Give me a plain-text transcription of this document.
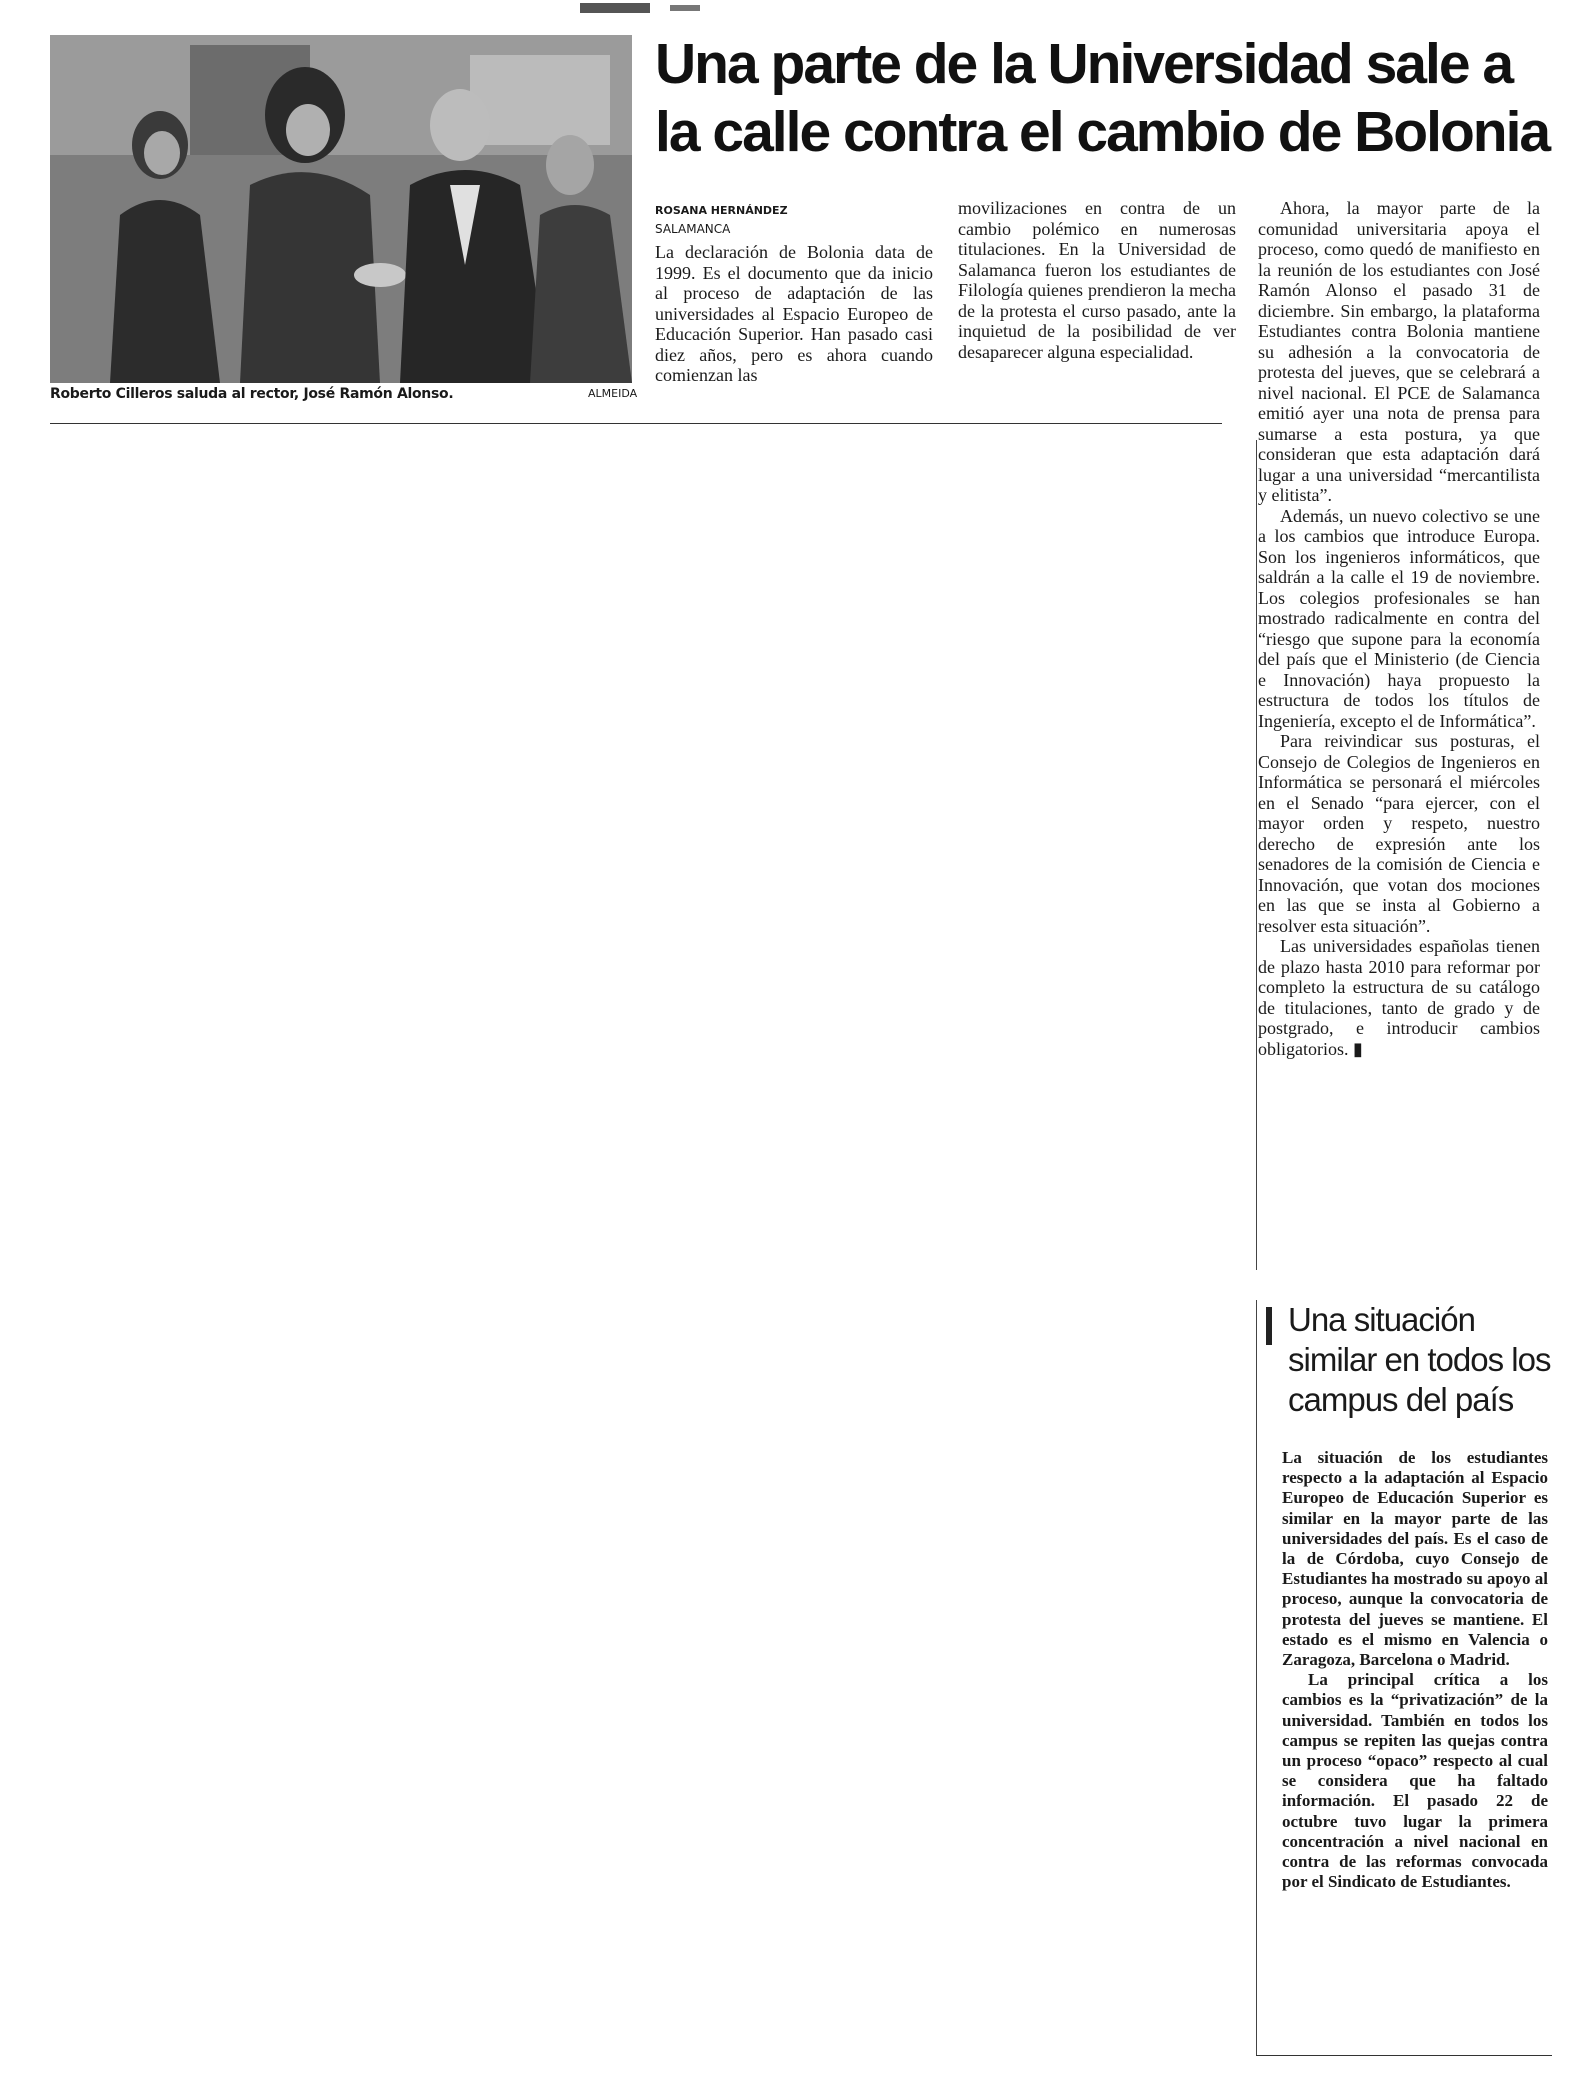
Roberto Cilleros saluda al rector, José Ramón Alonso.	ALMEIDA
Una parte de la Universidad sale a la calle contra el cambio de Bolonia
ROSANA HERNÁNDEZ
SALAMANCA

La declaración de Bolonia data de 1999. Es el documento que da inicio al proceso de adaptación de las universidades al Espacio Europeo de Educación Superior. Han pasado casi diez años, pero es ahora cuando comienzan las

movilizaciones en contra de un cambio polémico en numerosas titulaciones. En la Universidad de Salamanca fueron los estudiantes de Filología quienes prendieron la mecha de la protesta el curso pasado, ante la inquietud de la posibilidad de ver desaparecer alguna especialidad.

Ahora, la mayor parte de la comunidad universitaria apoya el proceso, como quedó de manifiesto en la reunión de los estudiantes con José Ramón Alonso el pasado 31 de diciembre. Sin embargo, la plataforma Estudiantes contra Bolonia mantiene su adhesión a la convocatoria de protesta del jueves, que se celebrará a nivel nacional. El PCE de Salamanca emitió ayer una nota de prensa para sumarse a esta postura, ya que consideran que esta adaptación dará lugar a una universidad “mercantilista y elitista”.

Además, un nuevo colectivo se une a los cambios que introduce Europa. Son los ingenieros informáticos, que saldrán a la calle el 19 de noviembre. Los colegios profesionales se han mostrado radicalmente en contra del “riesgo que supone para la economía del país que el Ministerio (de Ciencia e Innovación) haya propuesto la estructura de todos los títulos de Ingeniería, excepto el de Informática”.

Para reivindicar sus posturas, el Consejo de Colegios de Ingenieros en Informática se personará el miércoles en el Senado “para ejercer, con el mayor orden y respeto, nuestro derecho de expresión ante los senadores de la comisión de Ciencia e Innovación, que votan dos mociones en las que se insta al Gobierno a resolver esta situación”.

Las universidades españolas tienen de plazo hasta 2010 para reformar por completo la estructura de su catálogo de titulaciones, tanto de grado y de postgrado, e introducir cambios obligatorios. ▮

Una situación similar en todos los campus del país

La situación de los estudiantes respecto a la adaptación al Espacio Europeo de Educación Superior es similar en la mayor parte de las universidades del país. Es el caso de la de Córdoba, cuyo Consejo de Estudiantes ha mostrado su apoyo al proceso, aunque la convocatoria de protesta del jueves se mantiene. El estado es el mismo en Valencia o Zaragoza, Barcelona o Madrid.

La principal crítica a los cambios es la “privatización” de la universidad. También en todos los campus se repiten las quejas contra un proceso “opaco” respecto al cual se considera que ha faltado información. El pasado 22 de octubre tuvo lugar la primera concentración a nivel nacional en contra de las reformas convocada por el Sindicato de Estudiantes.
